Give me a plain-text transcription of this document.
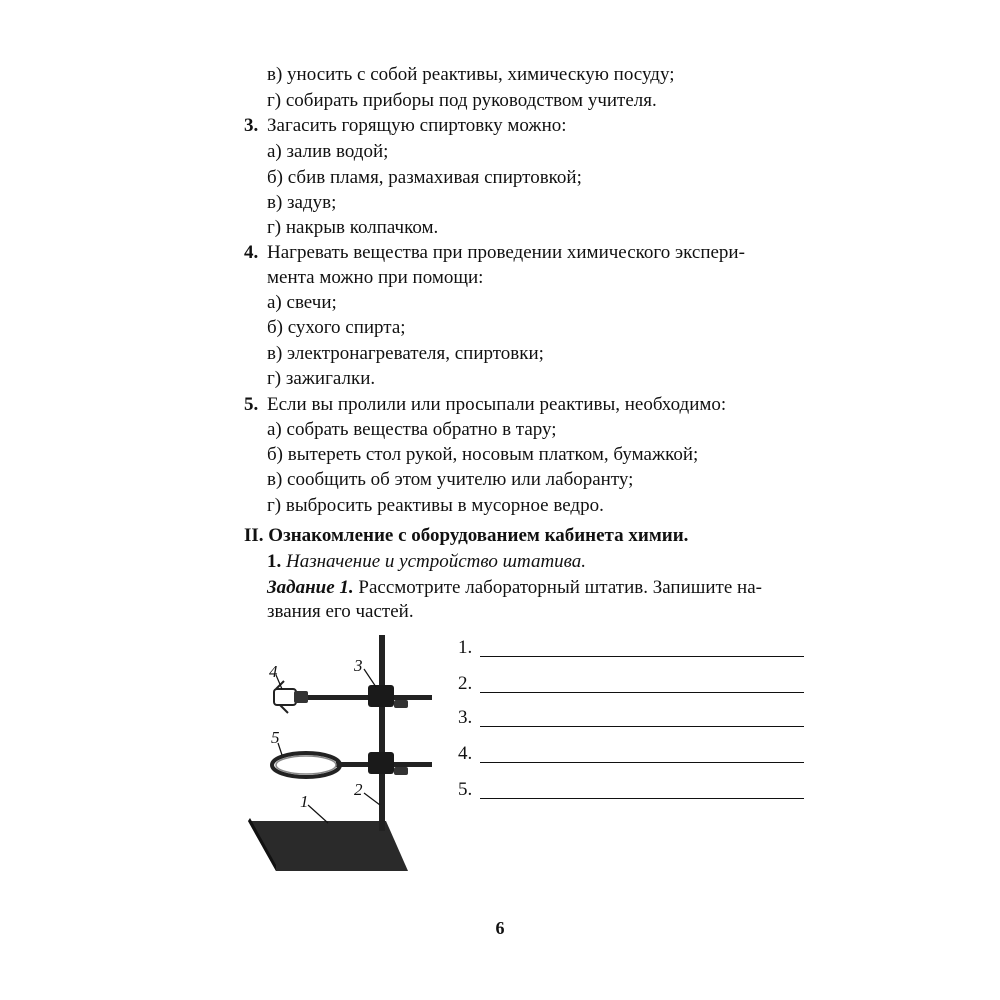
в) уносить с собой реактивы, химическую посуду;
г) собирать приборы под руководством учителя.
3. Загасить горящую спиртовку можно:
а) залив водой;
б) сбив пламя, размахивая спиртовкой;
в) задув;
г) накрыв колпачком.
4. Нагревать вещества при проведении химического экспери-
мента можно при помощи:
а) свечи;
б) сухого спирта;
в) электронагревателя, спиртовки;
г) зажигалки.
5. Если вы пролили или просыпали реактивы, необходимо:
а) собрать вещества обратно в тару;
б) вытереть стол рукой, носовым платком, бумажкой;
в) сообщить об этом учителю или лаборанту;
г) выбросить реактивы в мусорное ведро.
II. Ознакомление с оборудованием кабинета химии.
1. Назначение и устройство штатива.
Задание 1. Рассмотрите лабораторный штатив. Запишите на-
звания его частей.
1
2
3
4
5
1.
2.
3.
4.
5.
6
